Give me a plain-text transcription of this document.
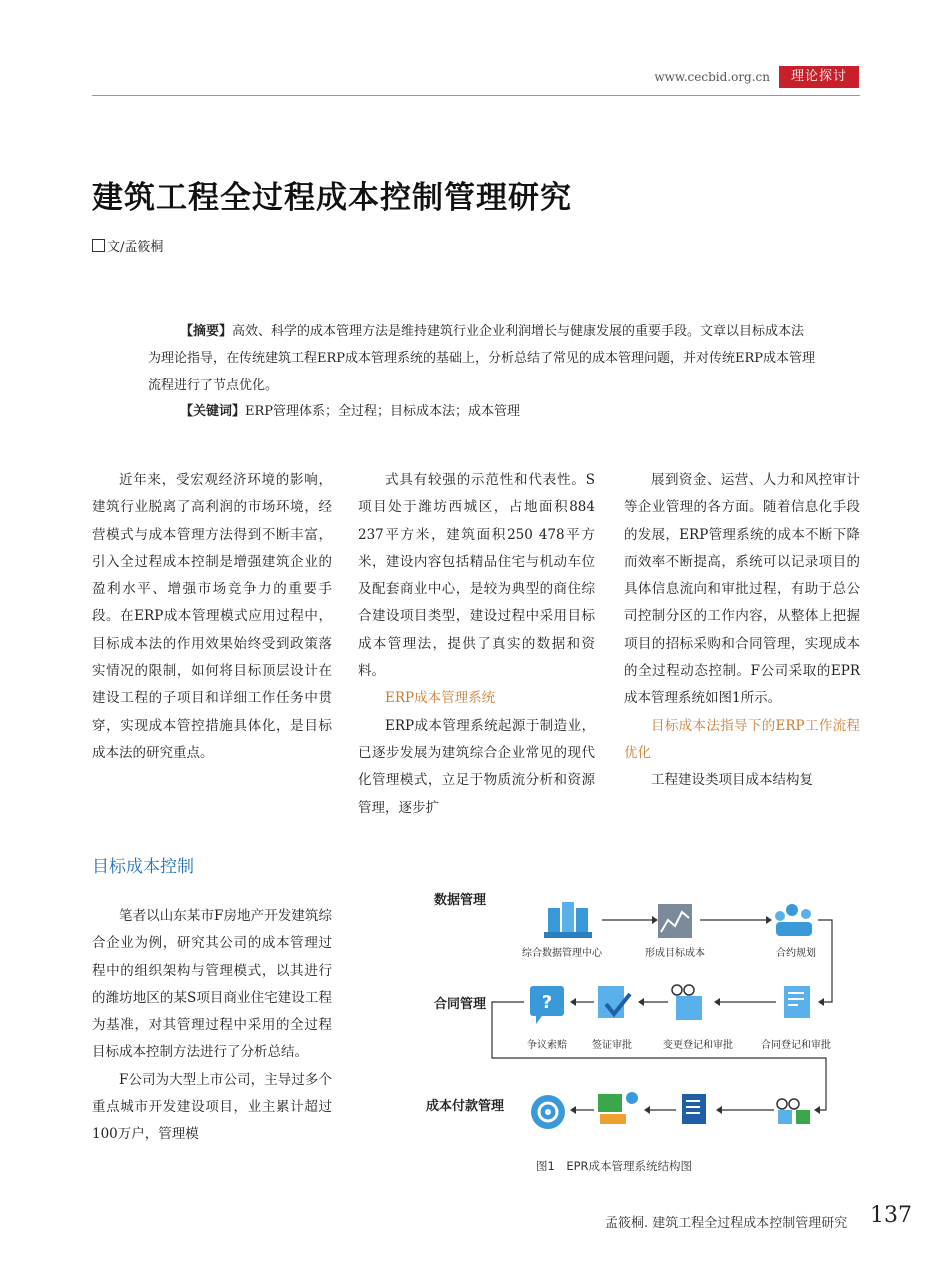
www.cecbid.org.cn	理论探讨
建筑工程全过程成本控制管理研究
文/孟筱桐
【摘要】高效、科学的成本管理方法是维持建筑行业企业利润增长与健康发展的重要手段。文章以目标成本法为理论指导，在传统建筑工程ERP成本管理系统的基础上，分析总结了常见的成本管理问题，并对传统ERP成本管理流程进行了节点优化。
【关键词】ERP管理体系；全过程；目标成本法；成本管理

近年来，受宏观经济环境的影响，建筑行业脱离了高利润的市场环境，经营模式与成本管理方法得到不断丰富，引入全过程成本控制是增强建筑企业的盈利水平、增强市场竞争力的重要手段。在ERP成本管理模式应用过程中，目标成本法的作用效果始终受到政策落实情况的限制，如何将目标顶层设计在建设工程的子项目和详细工作任务中贯穿，实现成本管控措施具体化，是目标成本法的研究重点。

目标成本控制

笔者以山东某市F房地产开发建筑综合企业为例，研究其公司的成本管理过程中的组织架构与管理模式，以其进行的潍坊地区的某S项目商业住宅建设工程为基准，对其管理过程中采用的全过程目标成本控制方法进行了分析总结。

F公司为大型上市公司，主导过多个重点城市开发建设项目，业主累计超过100万户，管理模

式具有较强的示范性和代表性。S项目处于潍坊西城区，占地面积884 237平方米，建筑面积250 478平方米，建设内容包括精品住宅与机动车位及配套商业中心，是较为典型的商住综合建设项目类型，建设过程中采用目标成本管理法，提供了真实的数据和资料。

ERP成本管理系统

ERP成本管理系统起源于制造业，已逐步发展为建筑综合企业常见的现代化管理模式，立足于物质流分析和资源管理，逐步扩

展到资金、运营、人力和风控审计等企业管理的各方面。随着信息化手段的发展，ERP管理系统的成本不断下降而效率不断提高，系统可以记录项目的具体信息流向和审批过程，有助于总公司控制分区的工作内容，从整体上把握项目的招标采购和合同管理，实现成本的全过程动态控制。F公司采取的EPR成本管理系统如图1所示。

目标成本法指导下的ERP工作流程优化

工程建设类项目成本结构复

数据管理
合同管理
成本付款管理
综合数据管理中心	形成目标成本	合约规划
?
争议索赔	签证审批	变更登记和审批	合同登记和审批
图1　EPR成本管理系统结构图
孟筱桐. 建筑工程全过程成本控制管理研究 137
